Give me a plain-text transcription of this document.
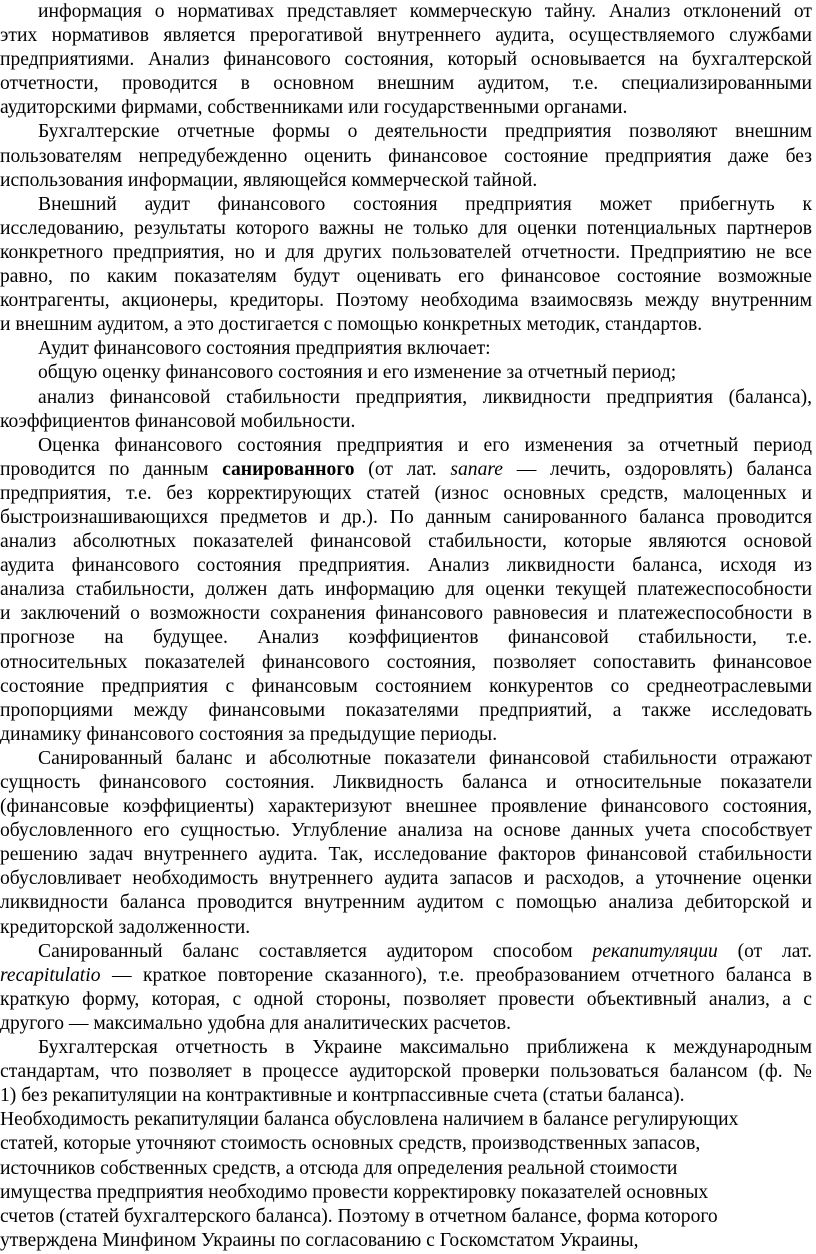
информация о нормативах представляет коммерческую тайну. Анализ отклонений от
этих нормативов является прерогативой внутреннего аудита, осуществляемого службами
предприятиями. Анализ финансового состояния, который основывается на бухгалтерской
отчетности, проводится в основном внешним аудитом, т.е. специализированными
аудиторскими фирмами, собственниками или государственными органами.
Бухгалтерские отчетные формы о деятельности предприятия позволяют внешним
пользователям непредубежденно оценить финансовое состояние предприятия даже без
использования информации, являющейся коммерческой тайной.
Внешний аудит финансового состояния предприятия может прибегнуть к
исследованию, результаты которого важны не только для оценки потенциальных партнеров
конкретного предприятия, но и для других пользователей отчетности. Предприятию не все
равно, по каким показателям будут оценивать его финансовое состояние возможные
контрагенты, акционеры, кредиторы. Поэтому необходима взаимосвязь между внутренним
и внешним аудитом, а это достигается с помощью конкретных методик, стандартов.
Аудит финансового состояния предприятия включает:
общую оценку финансового состояния и его изменение за отчетный период;
анализ финансовой стабильности предприятия, ликвидности предприятия (баланса),
коэффициентов финансовой мобильности.
Оценка финансового состояния предприятия и его изменения за отчетный период
проводится по данным санированного (от лат. sanare — лечить, оздоровлять) баланса
предприятия, т.е. без корректирующих статей (износ основных средств, малоценных и
быстроизнашивающихся предметов и др.). По данным санированного баланса проводится
анализ абсолютных показателей финансовой стабильности, которые являются основой
аудита финансового состояния предприятия. Анализ ликвидности баланса, исходя из
анализа стабильности, должен дать информацию для оценки текущей платежеспособности
и заключений о возможности сохранения финансового равновесия и платежеспособности в
прогнозе на будущее. Анализ коэффициентов финансовой стабильности, т.е.
относительных показателей финансового состояния, позволяет сопоставить финансовое
состояние предприятия с финансовым состоянием конкурентов со среднеотраслевыми
пропорциями между финансовыми показателями предприятий, а также исследовать
динамику финансового состояния за предыдущие периоды.
Санированный баланс и абсолютные показатели финансовой стабильности отражают
сущность финансового состояния. Ликвидность баланса и относительные показатели
(финансовые коэффициенты) характеризуют внешнее проявление финансового состояния,
обусловленного его сущностью. Углубление анализа на основе данных учета способствует
решению задач внутреннего аудита. Так, исследование факторов финансовой стабильности
обусловливает необходимость внутреннего аудита запасов и расходов, а уточнение оценки
ликвидности баланса проводится внутренним аудитом с помощью анализа дебиторской и
кредиторской задолженности.
Санированный баланс составляется аудитором способом рекапитуляции (от лат.
recapitulatio — краткое повторение сказанного), т.е. преобразованием отчетного баланса в
краткую форму, которая, с одной стороны, позволяет провести объективный анализ, а с
другого — максимально удобна для аналитических расчетов.
Бухгалтерская отчетность в Украине максимально приближена к международным
стандартам, что позволяет в процессе аудиторской проверки пользоваться балансом (ф. №
1) без рекапитуляции на контрактивные и контрпассивные счета (статьи баланса).
Необходимость рекапитуляции баланса обусловлена наличием в балансе регулирующих
статей, которые уточняют стоимость основных средств, производственных запасов,
источников собственных средств, а отсюда для определения реальной стоимости
имущества предприятия необходимо провести корректировку показателей основных
счетов (статей бухгалтерского баланса). Поэтому в отчетном балансе, форма которого
утверждена Минфином Украины по согласованию с Госкомстатом Украины,
